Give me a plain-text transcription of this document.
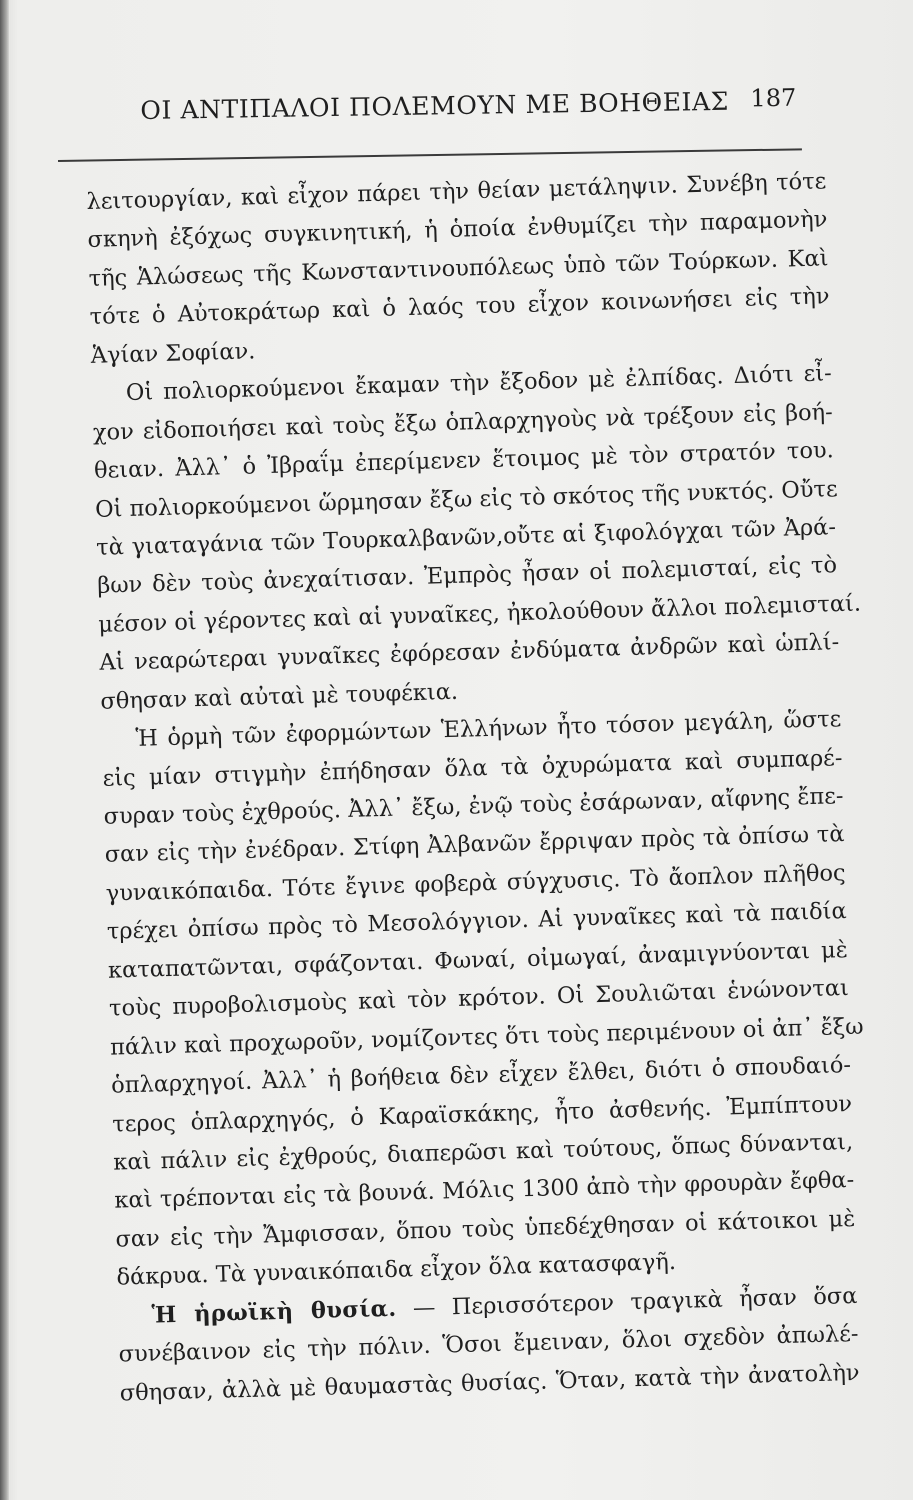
ΟΙ ΑΝΤΙΠΑΛΟΙ ΠΟΛΕΜΟΥΝ ΜΕ ΒΟΗΘΕΙΑΣ 187
λειτουργίαν, καὶ εἶχον πάρει τὴν θείαν μετάληψιν. Συνέβη τότε
σκηνὴ ἐξόχως συγκινητική, ἡ ὁποία ἐνθυμίζει τὴν παραμονὴν
τῆς Ἁλώσεως τῆς Κωνσταντινουπόλεως ὑπὸ τῶν Τούρκων. Καὶ
τότε ὁ Αὐτοκράτωρ καὶ ὁ λαός του εἶχον κοινωνήσει εἰς τὴν
Ἁγίαν Σοφίαν.
Οἱ πολιορκούμενοι ἔκαμαν τὴν ἔξοδον μὲ ἐλπίδας. Διότι εἶ-
χον εἰδοποιήσει καὶ τοὺς ἔξω ὁπλαρχηγοὺς νὰ τρέξουν εἰς βοή-
θειαν. Ἀλλ᾽ ὁ Ἰβραΐμ ἐπερίμενεν ἕτοιμος μὲ τὸν στρατόν του.
Οἱ πολιορκούμενοι ὥρμησαν ἔξω εἰς τὸ σκότος τῆς νυκτός. Οὔτε
τὰ γιαταγάνια τῶν Τουρκαλβανῶν,οὔτε αἱ ξιφολόγχαι τῶν Ἀρά-
βων δὲν τοὺς ἀνεχαίτισαν. Ἐμπρὸς ἦσαν οἱ πολεμισταί, εἰς τὸ
μέσον οἱ γέροντες καὶ αἱ γυναῖκες, ἠκολούθουν ἄλλοι πολεμισταί.
Αἱ νεαρώτεραι γυναῖκες ἐφόρεσαν ἐνδύματα ἀνδρῶν καὶ ὡπλί-
σθησαν καὶ αὐταὶ μὲ τουφέκια.
Ἡ ὁρμὴ τῶν ἐφορμώντων Ἑλλήνων ἦτο τόσον μεγάλη, ὥστε
εἰς μίαν στιγμὴν ἐπήδησαν ὅλα τὰ ὀχυρώματα καὶ συμπαρέ-
συραν τοὺς ἐχθρούς. Ἀλλ᾽ ἔξω, ἐνῷ τοὺς ἐσάρωναν, αἴφνης ἔπε-
σαν εἰς τὴν ἐνέδραν. Στίφη Ἀλβανῶν ἔρριψαν πρὸς τὰ ὀπίσω τὰ
γυναικόπαιδα. Τότε ἔγινε φοβερὰ σύγχυσις. Τὸ ἄοπλον πλῆθος
τρέχει ὀπίσω πρὸς τὸ Μεσολόγγιον. Αἱ γυναῖκες καὶ τὰ παιδία
καταπατῶνται, σφάζονται. Φωναί, οἰμωγαί, ἀναμιγνύονται μὲ
τοὺς πυροβολισμοὺς καὶ τὸν κρότον. Οἱ Σουλιῶται ἑνώνονται
πάλιν καὶ προχωροῦν, νομίζοντες ὅτι τοὺς περιμένουν οἱ ἀπ᾽ ἔξω
ὁπλαρχηγοί. Ἀλλ᾽ ἡ βοήθεια δὲν εἶχεν ἔλθει, διότι ὁ σπουδαιό-
τερος ὁπλαρχηγός, ὁ Καραϊσκάκης, ἦτο ἀσθενής. Ἐμπίπτουν
καὶ πάλιν εἰς ἐχθρούς, διαπερῶσι καὶ τούτους, ὅπως δύνανται,
καὶ τρέπονται εἰς τὰ βουνά. Μόλις 1300 ἀπὸ τὴν φρουρὰν ἔφθα-
σαν εἰς τὴν Ἄμφισσαν, ὅπου τοὺς ὑπεδέχθησαν οἱ κάτοικοι μὲ
δάκρυα. Τὰ γυναικόπαιδα εἶχον ὅλα κατασφαγῆ.
Ἡ ἡρωϊκὴ θυσία. — Περισσότερον τραγικὰ ἦσαν ὅσα
συνέβαινον εἰς τὴν πόλιν. Ὅσοι ἔμειναν, ὅλοι σχεδὸν ἀπωλέ-
σθησαν, ἀλλὰ μὲ θαυμαστὰς θυσίας. Ὅταν, κατὰ τὴν ἀνατολὴν
